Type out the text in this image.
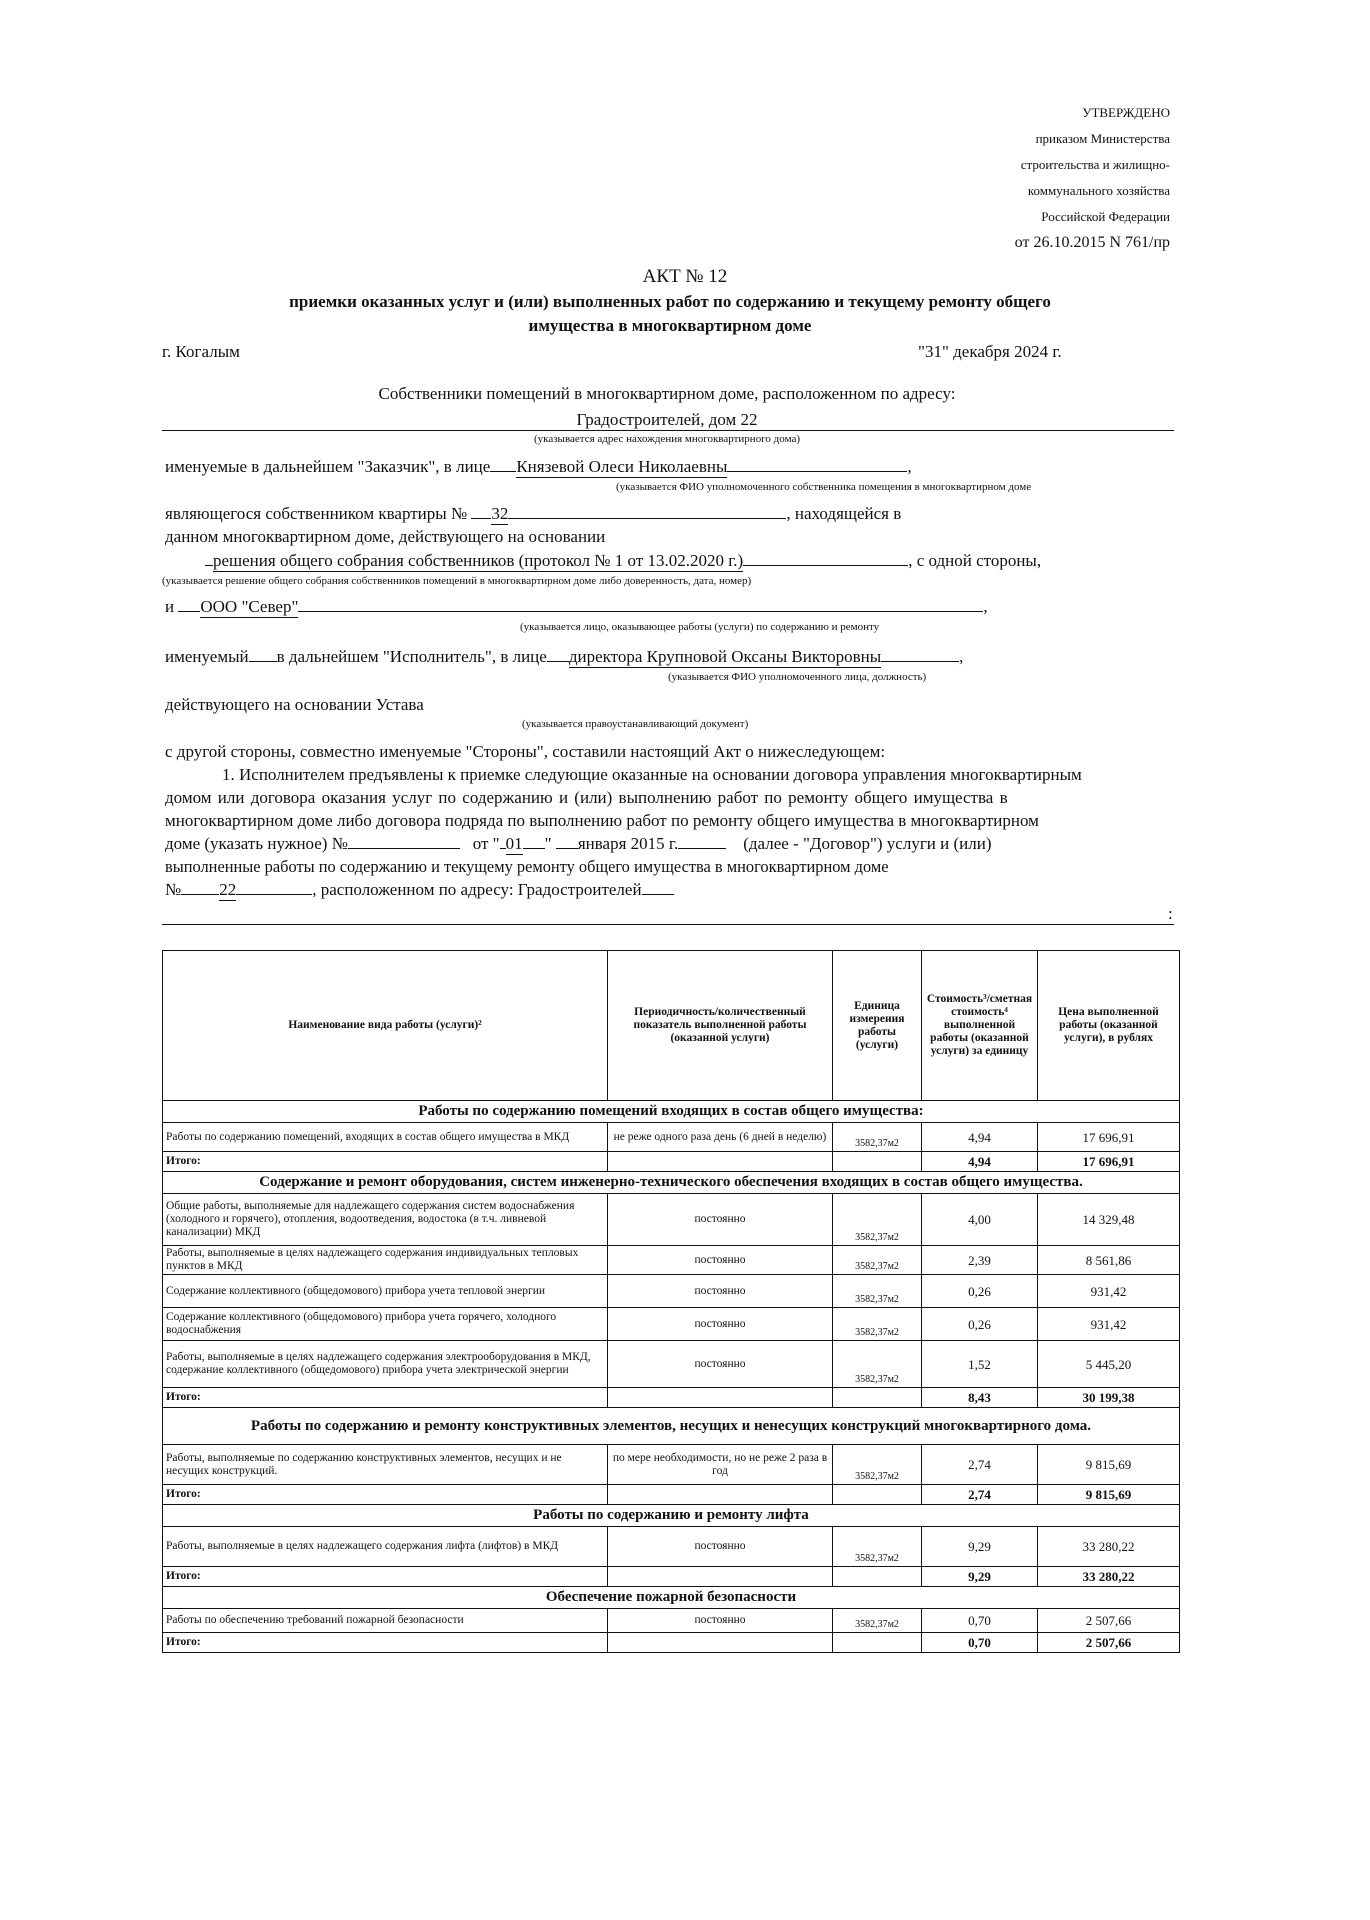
УТВЕРЖДЕНО
приказом Министерства
строительства и жилищно-
коммунального хозяйства
Российской Федерации
от 26.10.2015 N 761/пр
АКТ № 12
приемки оказанных услуг и (или) выполненных работ по содержанию и текущему ремонту общего
имущества в многоквартирном доме
г. Когалым	"31" декабря 2024 г.
Собственники помещений в многоквартирном доме, расположенном по адресу:
Градостроителей, дом 22
(указывается адрес нахождения многоквартирного дома)
именуемые в дальнейшем "Заказчик", в лице Князевой Олеси Николаевны	,
(указывается ФИО уполномоченного собственника помещения в многоквартирном доме
являющегося собственником квартиры № 32	, находящейся в
данном многоквартирном доме, действующего на основании
решения общего собрания собственников (протокол № 1 от 13.02.2020 г.)	, с одной стороны,
(указывается решение общего собрания собственников помещений в многоквартирном доме либо доверенность, дата, номер)
и ООО "Север"	,
(указывается лицо, оказывающее работы (услуги) по содержанию и ремонту
именуемый в дальнейшем "Исполнитель", в лице директора Крупновой Оксаны Викторовны	,
(указывается ФИО уполномоченного лица, должность)
действующего на основании Устава
(указывается правоустанавливающий документ)
с другой стороны, совместно именуемые "Стороны", составили настоящий Акт о нижеследующем:
1. Исполнителем предъявлены к приемке следующие оказанные на основании договора управления многоквартирным
домом или договора оказания услуг по содержанию и (или) выполнению работ по ремонту общего имущества в
многоквартирном доме либо договора подряда по выполнению работ по ремонту общего имущества в многоквартирном
доме (указать нужное) №	от " 01 " января 2015 г.	(далее - "Договор") услуги и (или)
выполненные работы по содержанию и текущему ремонту общего имущества в многоквартирном доме
№ 22	, расположенном по адресу: Градостроителей
:
Наименование вида работы (услуги)²	Периодичность/количественный показатель выполненной работы (оказанной услуги)	Единица измерения работы (услуги)	Стоимость³/сметная стоимость⁴ выполненной работы (оказанной услуги) за единицу	Цена выполненной работы (оказанной услуги), в рублях
Работы по содержанию помещений входящих в состав общего имущества:				
Работы по содержанию помещений, входящих в состав общего имущества в МКД	не реже одного раза день (6 дней в неделю)	3582,37м2	4,94	17 696,91
Итого:			4,94	17 696,91
Содержание и ремонт оборудования, систем инженерно-технического обеспечения входящих в состав общего имущества.				
Общие работы, выполняемые для надлежащего содержания систем водоснабжения (холодного и горячего), отопления, водоотведения, водостока (в т.ч. ливневой канализации) МКД	постоянно	3582,37м2	4,00	14 329,48
Работы, выполняемые в целях надлежащего содержания индивидуальных тепловых пунктов в МКД	постоянно	3582,37м2	2,39	8 561,86
Содержание коллективного (общедомового) прибора учета тепловой энергии	постоянно	3582,37м2	0,26	931,42
Содержание коллективного (общедомового) прибора учета горячего, холодного водоснабжения	постоянно	3582,37м2	0,26	931,42
Работы, выполняемые в целях надлежащего содержания электрооборудования в МКД, содержание коллективного (общедомового) прибора учета электрической энергии	постоянно	3582,37м2	1,52	5 445,20
Итого:			8,43	30 199,38
Работы по содержанию и ремонту конструктивных элементов, несущих и ненесущих конструкций многоквартирного дома.				
Работы, выполняемые по содержанию конструктивных элементов, несущих и не несущих конструкций.	по мере необходимости, но не реже 2 раза в год	3582,37м2	2,74	9 815,69
Итого:			2,74	9 815,69
Работы по содержанию и ремонту лифта				
Работы, выполняемые в целях надлежащего содержания лифта (лифтов) в МКД	постоянно	3582,37м2	9,29	33 280,22
Итого:			9,29	33 280,22
Обеспечение пожарной безопасности				
Работы по обеспечению требований пожарной безопасности	постоянно	3582,37м2	0,70	2 507,66
Итого:			0,70	2 507,66
